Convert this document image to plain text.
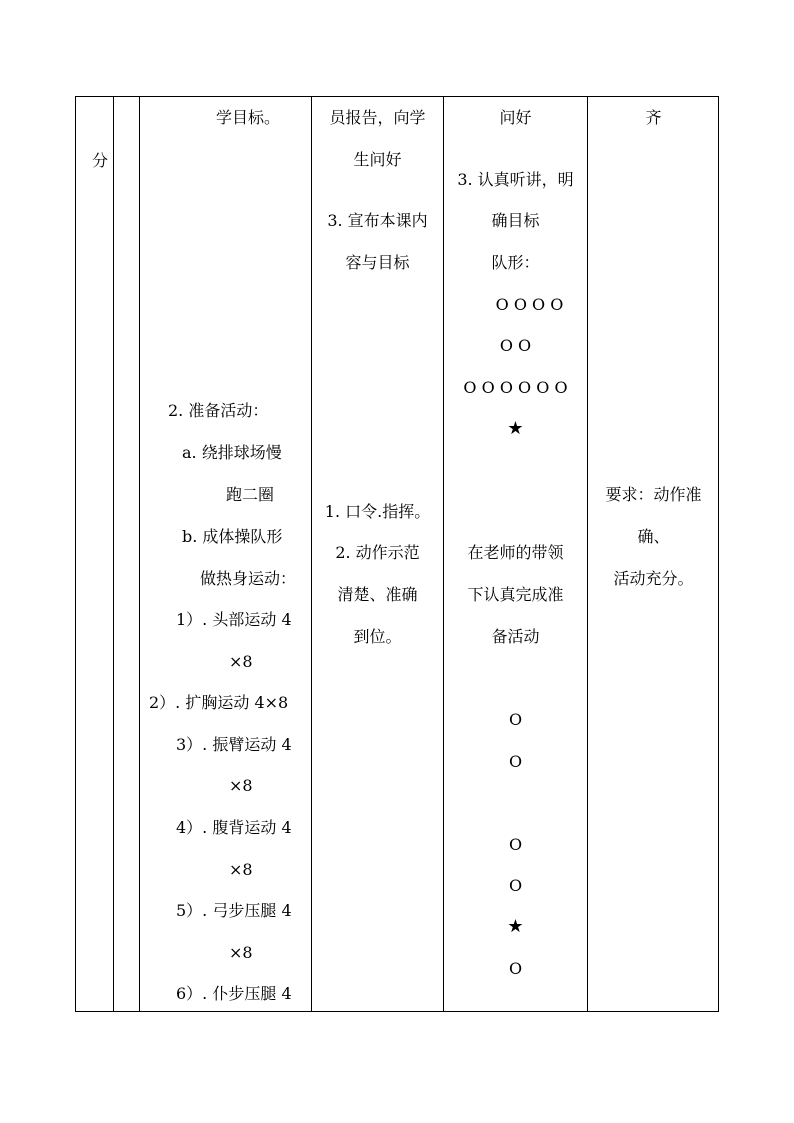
分
学目标。
2. 准备活动：
a. 绕排球场慢
跑二圈
b. 成体操队形
做热身运动：
1）. 头部运动 4
×8
2）. 扩胸运动 4×8
3）. 振臂运动 4
×8
4）. 腹背运动 4
×8
5）. 弓步压腿 4
×8
6）. 仆步压腿 4
员报告，向学
生问好
3. 宣布本课内
容与目标
1. 口令.指挥。
2. 动作示范
清楚、准确
到位。
问好
3. 认真听讲，明
确目标
队形：
O O O O
O O
O O O O O O
★
在老师的带领
下认真完成准
备活动
O
O
O
O
★
O
齐
要求：动作准
确、
活动充分。
